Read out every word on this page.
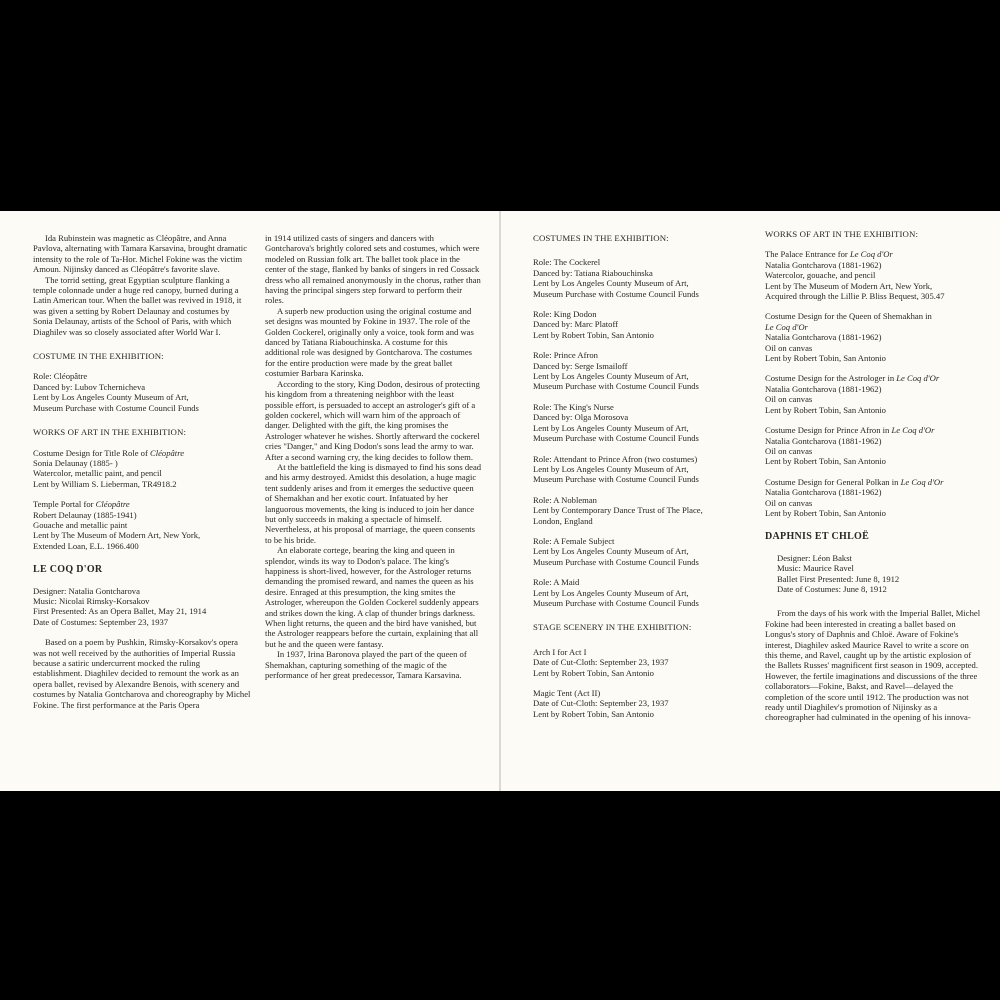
Ida Rubinstein was magnetic as Cléopâtre, and Anna Pavlova, alternating with Tamara Karsavina, brought dramatic intensity to the role of Ta-Hor. Michel Fokine was the victim Amoun. Nijinsky danced as Cléopâtre's favorite slave.

The torrid setting, great Egyptian sculpture flanking a temple colonnade under a huge red canopy, burned during a Latin American tour. When the ballet was revived in 1918, it was given a setting by Robert Delaunay and costumes by Sonia Delaunay, artists of the School of Paris, with which Diaghilev was so closely associated after World War I.

COSTUME IN THE EXHIBITION:

Role: Cléopâtre

Danced by: Lubov Tchernicheva

Lent by Los Angeles County Museum of Art,

Museum Purchase with Costume Council Funds

WORKS OF ART IN THE EXHIBITION:

Costume Design for Title Role of Cléopâtre

Sonia Delaunay (1885- )

Watercolor, metallic paint, and pencil

Lent by William S. Lieberman, TR4918.2

Temple Portal for Cléopâtre

Robert Delaunay (1885-1941)

Gouache and metallic paint

Lent by The Museum of Modern Art, New York,

Extended Loan, E.L. 1966.400

LE COQ D'OR

Designer: Natalia Gontcharova

Music: Nicolai Rimsky-Korsakov

First Presented: As an Opera Ballet, May 21, 1914

Date of Costumes: September 23, 1937

Based on a poem by Pushkin, Rimsky-Korsakov's opera was not well received by the authorities of Imperial Russia because a satiric undercurrent mocked the ruling establishment. Diaghilev decided to remount the work as an opera ballet, revised by Alexandre Benois, with scenery and costumes by Natalia Gontcharova and choreography by Michel Fokine. The first performance at the Paris Opera

in 1914 utilized casts of singers and dancers with Gontcharova's brightly colored sets and costumes, which were modeled on Russian folk art. The ballet took place in the center of the stage, flanked by banks of singers in red Cossack dress who all remained anonymously in the chorus, rather than having the principal singers step forward to perform their roles.

A superb new production using the original costume and set designs was mounted by Fokine in 1937. The role of the Golden Cockerel, originally only a voice, took form and was danced by Tatiana Riabouchinska. A costume for this additional role was designed by Gontcharova. The costumes for the entire production were made by the great ballet costumier Barbara Karinska.

According to the story, King Dodon, desirous of protecting his kingdom from a threatening neighbor with the least possible effort, is persuaded to accept an astrologer's gift of a golden cockerel, which will warn him of the approach of danger. Delighted with the gift, the king promises the Astrologer whatever he wishes. Shortly afterward the cockerel cries "Danger," and King Dodon's sons lead the army to war. After a second warning cry, the king decides to follow them.

At the battlefield the king is dismayed to find his sons dead and his army destroyed. Amidst this desolation, a huge magic tent suddenly arises and from it emerges the seductive queen of Shemakhan and her exotic court. Infatuated by her languorous movements, the king is induced to join her dance but only succeeds in making a spectacle of himself. Nevertheless, at his proposal of marriage, the queen consents to be his bride.

An elaborate cortege, bearing the king and queen in splendor, winds its way to Dodon's palace. The king's happiness is short-lived, however, for the Astrologer returns demanding the promised reward, and names the queen as his desire. Enraged at this presumption, the king smites the Astrologer, whereupon the Golden Cockerel suddenly appears and strikes down the king. A clap of thunder brings darkness. When light returns, the queen and the bird have vanished, but the Astrologer reappears before the curtain, explaining that all but he and the queen were fantasy.

In 1937, Irina Baronova played the part of the queen of Shemakhan, capturing something of the magic of the performance of her great predecessor, Tamara Karsavina.

COSTUMES IN THE EXHIBITION:

Role: The Cockerel

Danced by: Tatiana Riabouchinska

Lent by Los Angeles County Museum of Art,

Museum Purchase with Costume Council Funds

Role: King Dodon

Danced by: Marc Platoff

Lent by Robert Tobin, San Antonio

Role: Prince Afron

Danced by: Serge Ismailoff

Lent by Los Angeles County Museum of Art,

Museum Purchase with Costume Council Funds

Role: The King's Nurse

Danced by: Olga Morosova

Lent by Los Angeles County Museum of Art,

Museum Purchase with Costume Council Funds

Role: Attendant to Prince Afron (two costumes)

Lent by Los Angeles County Museum of Art,

Museum Purchase with Costume Council Funds

Role: A Nobleman

Lent by Contemporary Dance Trust of The Place,

London, England

Role: A Female Subject

Lent by Los Angeles County Museum of Art,

Museum Purchase with Costume Council Funds

Role: A Maid

Lent by Los Angeles County Museum of Art,

Museum Purchase with Costume Council Funds

STAGE SCENERY IN THE EXHIBITION:

Arch I for Act I

Date of Cut-Cloth: September 23, 1937

Lent by Robert Tobin, San Antonio

Magic Tent (Act II)

Date of Cut-Cloth: September 23, 1937

Lent by Robert Tobin, San Antonio

WORKS OF ART IN THE EXHIBITION:

The Palace Entrance for Le Coq d'Or

Natalia Gontcharova (1881-1962)

Watercolor, gouache, and pencil

Lent by The Museum of Modern Art, New York,

Acquired through the Lillie P. Bliss Bequest, 305.47

Costume Design for the Queen of Shemakhan in

Le Coq d'Or

Natalia Gontcharova (1881-1962)

Oil on canvas

Lent by Robert Tobin, San Antonio

Costume Design for the Astrologer in Le Coq d'Or

Natalia Gontcharova (1881-1962)

Oil on canvas

Lent by Robert Tobin, San Antonio

Costume Design for Prince Afron in Le Coq d'Or

Natalia Gontcharova (1881-1962)

Oil on canvas

Lent by Robert Tobin, San Antonio

Costume Design for General Polkan in Le Coq d'Or

Natalia Gontcharova (1881-1962)

Oil on canvas

Lent by Robert Tobin, San Antonio

DAPHNIS ET CHLOË

Designer: Léon Bakst

Music: Maurice Ravel

Ballet First Presented: June 8, 1912

Date of Costumes: June 8, 1912

From the days of his work with the Imperial Ballet, Michel Fokine had been interested in creating a ballet based on Longus's story of Daphnis and Chloë. Aware of Fokine's interest, Diaghilev asked Maurice Ravel to write a score on this theme, and Ravel, caught up by the artistic explosion of the Ballets Russes' magnificent first season in 1909, accepted. However, the fertile imaginations and discussions of the three collaborators—Fokine, Bakst, and Ravel—delayed the completion of the score until 1912. The production was not ready until Diaghilev's promotion of Nijinsky as a choreographer had culminated in the opening of his innova-
